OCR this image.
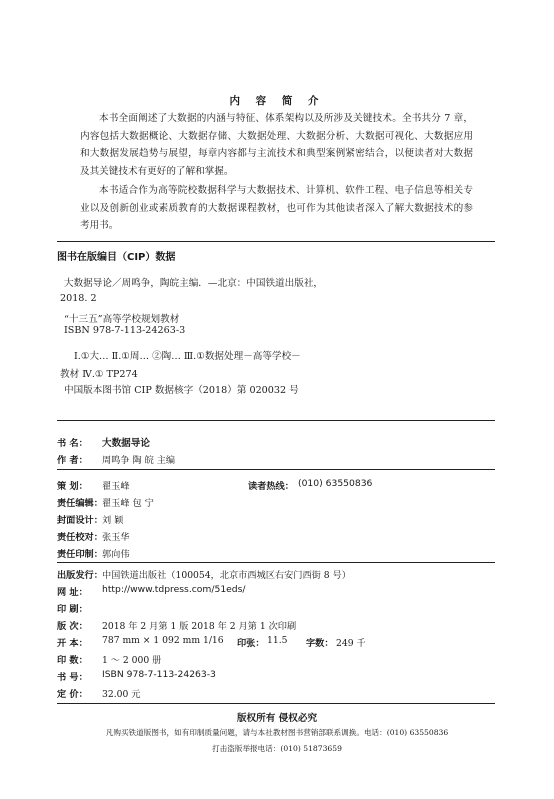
内 容 简 介
本书全面阐述了大数据的内涵与特征、体系架构以及所涉及关键技术。全书共分 7 章，内容包括大数据概论、大数据存储、大数据处理、大数据分析、大数据可视化、大数据应用和大数据发展趋势与展望，每章内容都与主流技术和典型案例紧密结合，以便读者对大数据及其关键技术有更好的了解和掌握。
本书适合作为高等院校数据科学与大数据技术、计算机、软件工程、电子信息等相关专业以及创新创业或素质教育的大数据课程教材，也可作为其他读者深入了解大数据技术的参考用书。
图书在版编目（CIP）数据
大数据导论／周鸣争，陶皖主编．—北京：中国铁道出版社，
2018. 2
“十三五”高等学校规划教材
ISBN 978-7-113-24263-3
Ⅰ.①大… Ⅱ.①周… ②陶… Ⅲ.①数据处理－高等学校－
教材 Ⅳ.① TP274
中国版本图书馆 CIP 数据核字（2018）第 020032 号
书 名： 大数据导论
作 者： 周鸣争 陶 皖 主编
策 划： 翟玉峰	读者热线： (010) 63550836
责任编辑： 翟玉峰 包 宁
封面设计： 刘 颖
责任校对： 张玉华
责任印制： 郭向伟
出版发行： 中国铁道出版社（100054，北京市西城区右安门西街 8 号）
网 址： http://www.tdpress.com/51eds/
印 刷：
版 次： 2018 年 2 月第 1 版 2018 年 2 月第 1 次印刷
开 本： 787 mm × 1 092 mm 1/16 印张： 11.5 字数： 249 千
印 数： 1 ～ 2 000 册
书 号： ISBN 978-7-113-24263-3
定 价： 32.00 元
版权所有 侵权必究
凡购买铁道版图书，如有印制质量问题，请与本社教材图书营销部联系调换。电话：(010) 63550836
打击盗版举报电话：(010) 51873659
